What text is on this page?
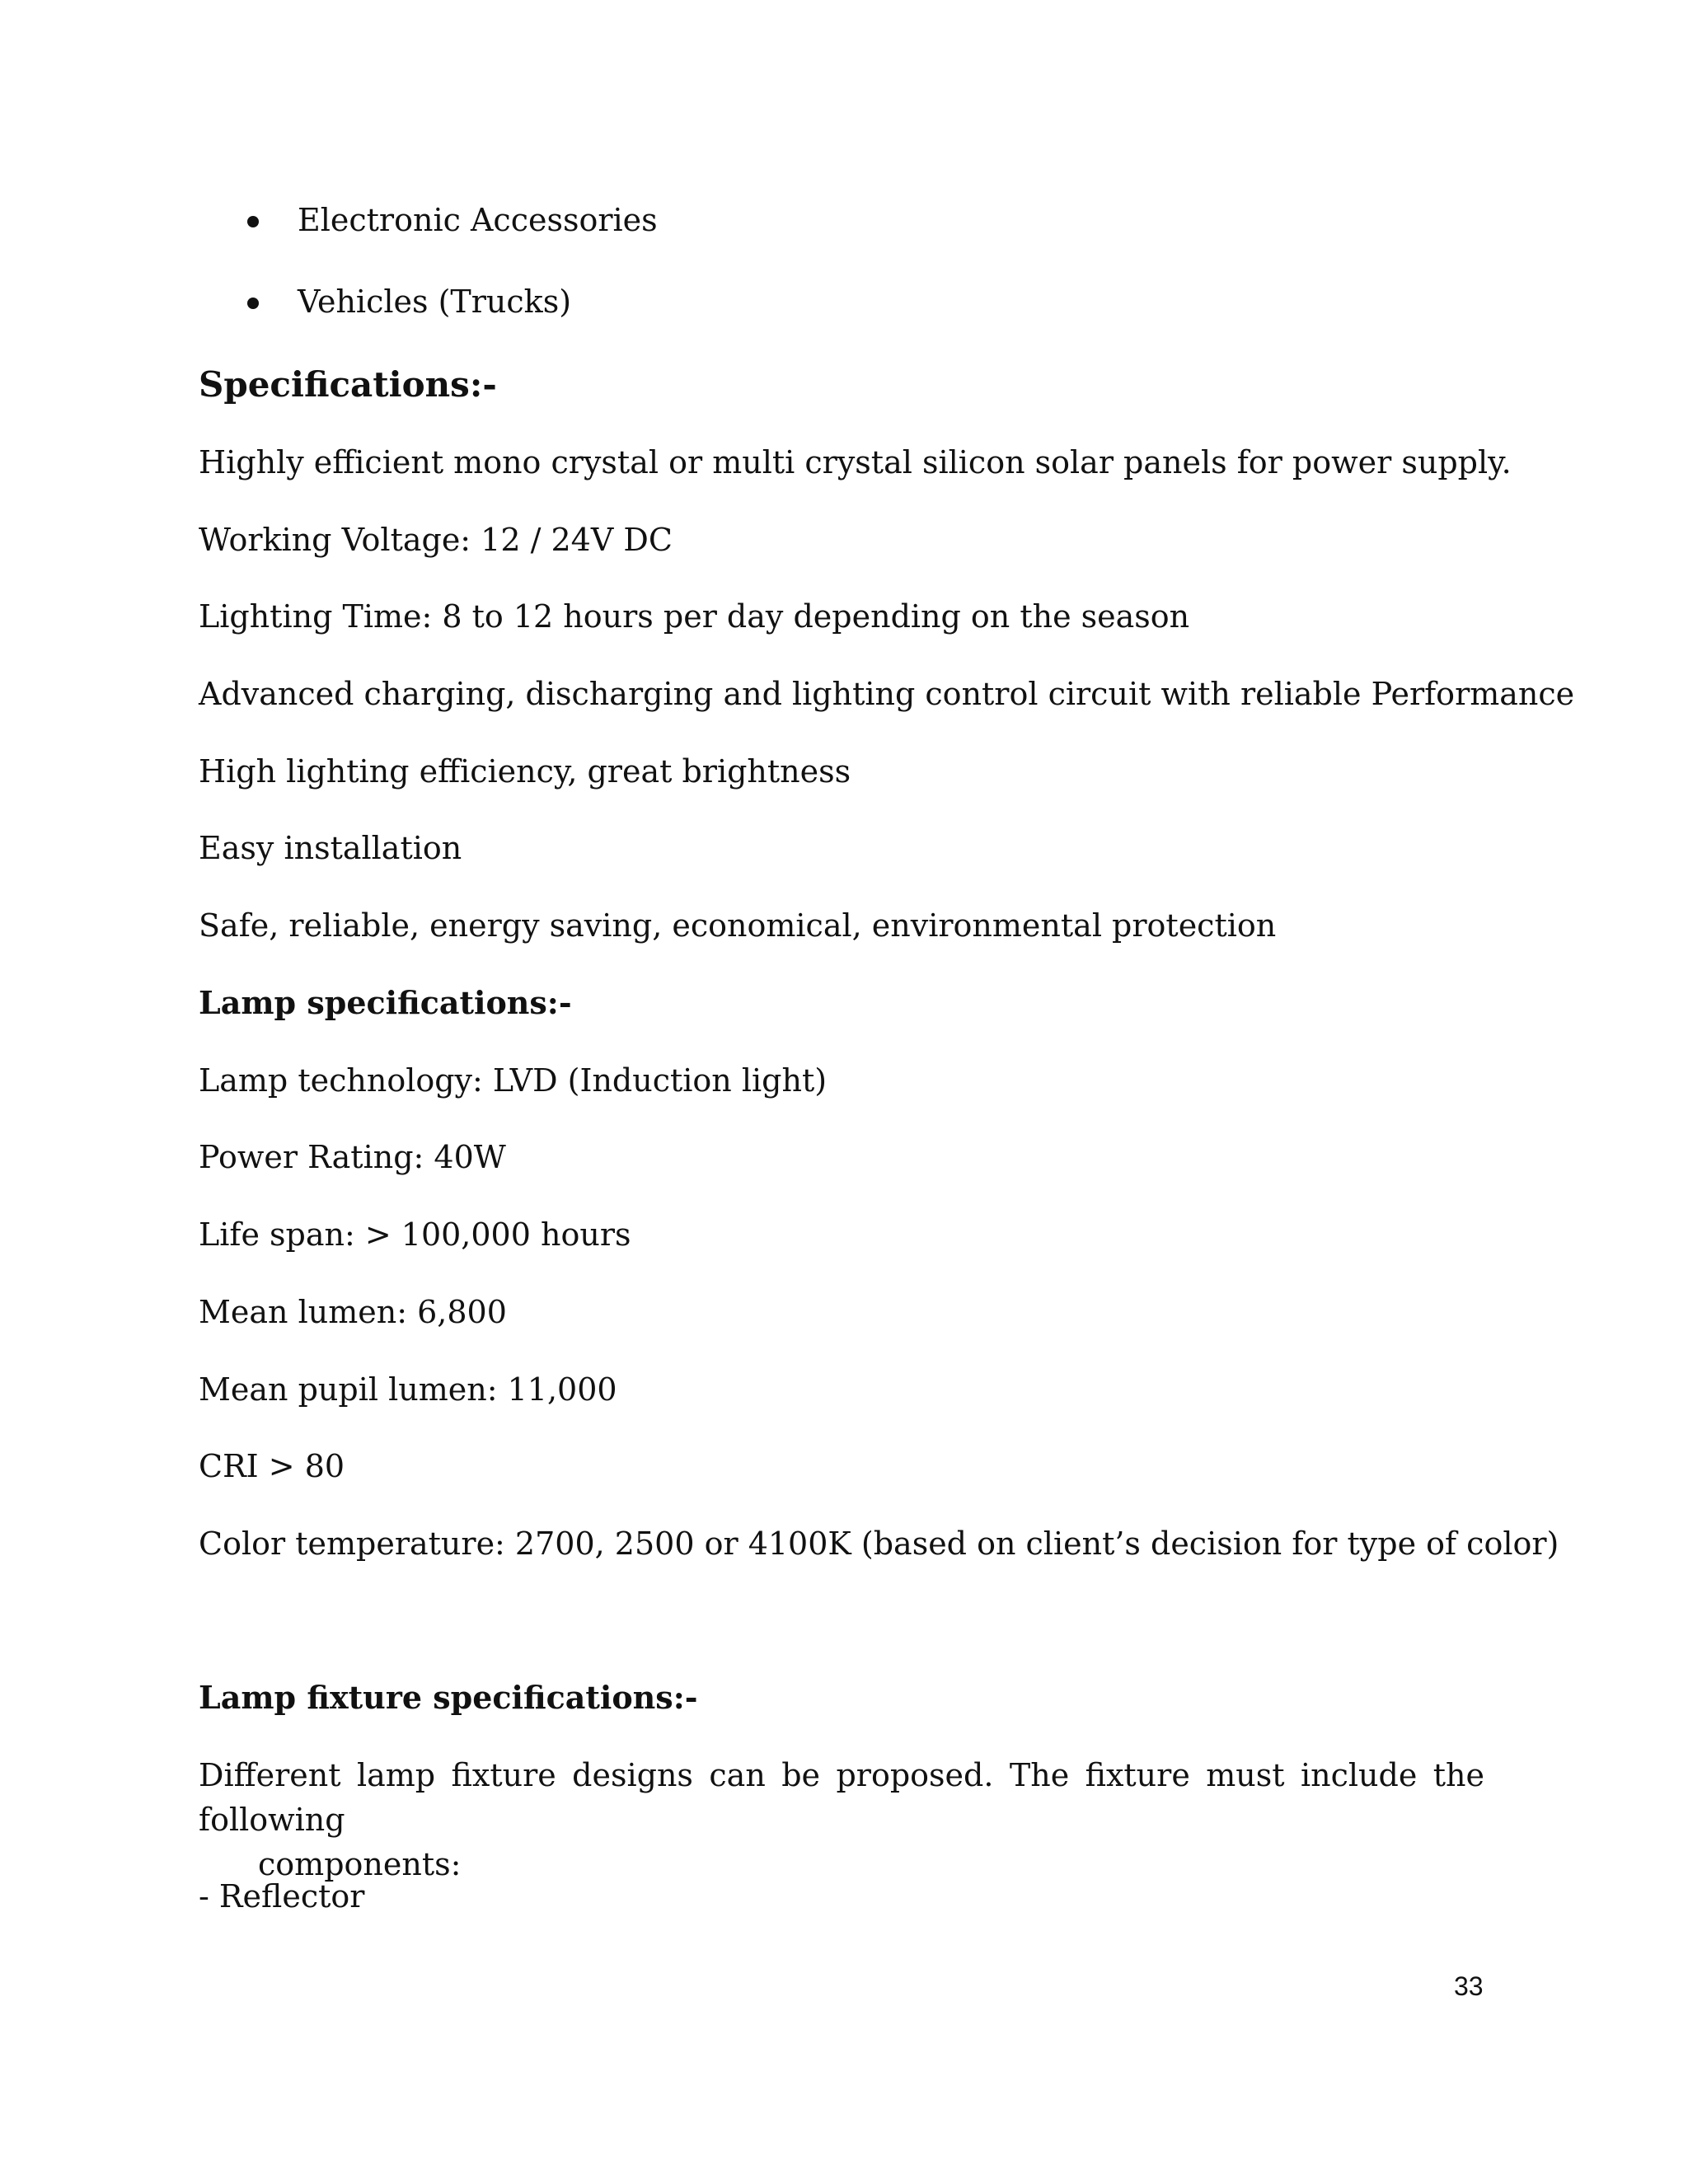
Electronic Accessories
Vehicles (Trucks)
Specifications:-
Highly efficient mono crystal or multi crystal silicon solar panels for power supply.
Working Voltage: 12 / 24V DC
Lighting Time: 8 to 12 hours per day depending on the season
Advanced charging, discharging and lighting control circuit with reliable Performance
High lighting efficiency, great brightness
Easy installation
Safe, reliable, energy saving, economical, environmental protection
Lamp specifications:-
Lamp technology: LVD (Induction light)
Power Rating: 40W
Life span: > 100,000 hours
Mean lumen: 6,800
Mean pupil lumen: 11,000
CRI > 80
Color temperature: 2700, 2500 or 4100K (based on client’s decision for type of color)
Lamp fixture specifications:-
Different lamp fixture designs can be proposed. The fixture must include the following
components:
- Reflector
33
